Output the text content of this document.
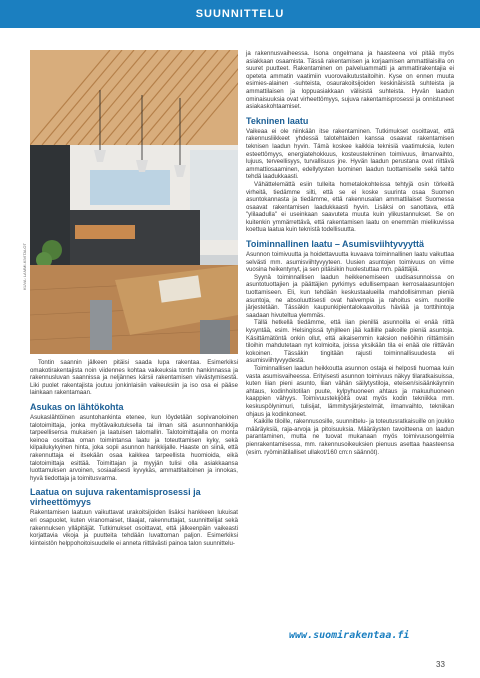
SUUNNITTELU
KUVA: LAMMI-KIVITALOT

Tontin saannin jälkeen pitäisi saada lupa rakentaa. Esimerkiksi omakotirakentajista noin viidennes kohtaa vaikeuksia tontin hankinnassa ja rakennusluvan saannissa ja neljännes kärsii rakentamisen viivästymisestä. Liki puolet rakentajista joutuu jonkinlaisiin vaikeuksiin ja iso osa ei pääse lainkaan rakentamaan.

Asukas on lähtökohta

Asukaslähtöinen asuntohankinta etenee, kun löydetään sopivanoloinen talotoimittaja, jonka myötävaikutuksella tai ilman sitä asunnonhankkija tarpeellisensa mukaisen ja laatuisen talomallin. Talotoimittajalla on monta keinoa osoittaa oman toimintansa laatu ja toteuttamisen kyky, sekä kilpailukykyinen hinta, joka sopii asunnon hankkijalle. Haaste on siinä, että rakennuttaja ei itsekään osaa kaikkea tarpeellista huomioida, eikä talotoimittaja esittää. Toimittajan ja myyjän tulisi olla asiakkaansa luottamuksen arvoinen, sosiaalisesti kyvykäs, ammattitaitoinen ja innokas, hyvä tiedottaja ja toimitusvarma.

Laatua on sujuva rakentamisprosessi ja virheettömyys

Rakentamisen laatuun vaikuttavat urakoitsijoiden lisäksi hankkeen lukuisat eri osapuolet, kuten viranomaiset, tilaajat, rakennuttajat, suunnittelijat sekä rakennuksen ylläpitäjät. Tutkimukset osoittavat, että jälkeenpäin vaikeasti korjattavia vikoja ja puutteita tehdään luvattoman paljon. Esimerkiksi kiinteistön helppohoitoisuudelle ei anneta riittävästi painoa talon suunnittelu-

ja rakennusvaiheessa. Isona ongelmana ja haasteena voi pitää myös asiakkaan osaamista. Tässä rakentamisen ja korjaamisen ammattilaisilla on suuret puutteet. Rakentaminen on palveluammatti ja ammattirakentajia ei opeteta ammatin vaatimiin vuorovaikutustaitoihin. Kyse on ennen muuta esimies-alainen -suhteista, osaurakoitsijoiden keskinäisistä suhteista ja ammattilaisen ja loppuasiakkaan välisistä suhteista. Hyvän laadun ominaisuuksia ovat virheettömyys, sujuva rakentamisprosessi ja onnistuneet asiakaskohtaamiset.

Tekninen laatu

Vaikeaa ei ole niinkään itse rakentaminen. Tutkimukset osoittavat, että rakennusliikkeet yhdessä talotehtaiden kanssa osaavat rakentamisen teknisen laadun hyvin. Tämä koskee kaikkia teknisiä vaatimuksia, kuten esteettömyys, energiatehokkuus, kosteustekninen toimivuus, ilmanvaihto, lujuus, terveellisyys, turvallisuus jne. Hyvän laadun perustana ovat riittävä ammattiosaaminen, edellytysten luominen laadun tuottamiselle sekä tahto tehdä laadukkaasti.

Vähättelemättä esiin tulleita hometalokohteissa tehtyjä osin törkeitä virheitä, tiedämme silti, että se ei koske suurinta osaa Suomen asuntokannasta ja tiedämme, että rakennusalan ammattilaiset Suomessa osaavat rakentamisen laadukkaasti hyvin. Lisäksi on sanottava, että "ylilaadulla" ei useinkaan saavuteta muuta kuin ylikustannukset. Se on kuitenkin ymmärrettävä, että rakentamisen laatu on enemmän mielikuvissa koettua laatua kuin teknistä todellisuutta.

Toiminnallinen laatu – Asumisviihtyvyyttä

Asunnon toimivuutta ja hoidettavuutta kuvaava toiminnallinen laatu vaikuttaa selvästi mm. asumisviihtyvyyteen. Uusien asuntojen toimivuus on viime vuosina heikentynyt, ja sen pitäisikin huolestuttaa mm. päättäjiä.

Syynä toiminnallisen laadun heikkenemiseen uudisasunnoissa on asuntotuottajien ja päättäjien pyrkimys edullisempaan kerrosalaasuntojen tuottamiseen. Eli, kun tehdään keskustaalueilla mahdollisimman pieniä asuntoja, ne absoluuttisesti ovat halvempia ja rahoitus esim. nuorille järjestetään. Tässäkin kaupunkipientalokaavoitus häviää ja torttihintoja saadaan hivuteltua ylemmäs.

Tällä hetkellä tiedämme, että iian pienillä asunnoilla ei enää riittä kysyntää, esim. Helsingissä tyhjilleen jää kalliille paikoille pieniä asuntoja. Käsittämätöntä onkin ollut, että aikaisemmin kaksion neliöihin riittämisiin tiloihin mahdutetaan nyt kolmioita, joissa yksikään tila ei enää ole riittävän kokoinen. Tässäkin tingitään rajusti toiminnallisuudesta eli asumisviihtyvyydestä.

Toiminnallisen laadun heikkoutta asunnon ostaja ei helposti huomaa kuin vasta asumisvaiheessa. Erityisesti asunnon toimivuus näkyy tilaratkaisuissa, kuten liian pieni asunto, liian vähän säilytystiloja, eteisen/sisäänkäynnin ahtaus, kodinhoitotilan puute, kylpyhuoneen ahtaus ja makuuhuoneen kaappien vähyys. Toimivuustekijöitä ovat myös kodin tekniikka mm. keskuspölynimuri, tulisijat, lämmitysjärjestelmät, ilmanvaihto, tekniikan ohjaus ja kodinkoneet.

Kaikille tiloille, rakennusosille, suunnittelu- ja toteutusratkaisuille on joukko määräyksiä, raja-arvoja ja pitoisuuksia. Määräysten tavoitteena on laadun parantaminen, mutta ne tuovat mukanaan myös toimivuusongelmia pienrakentamisessa, mm. rakennusoikeuksien pienuus asettaa haasteensa (esim. ryöminätilalliset ullakot/160 cm:n säännöt).

www.suomirakentaa.fi
33
